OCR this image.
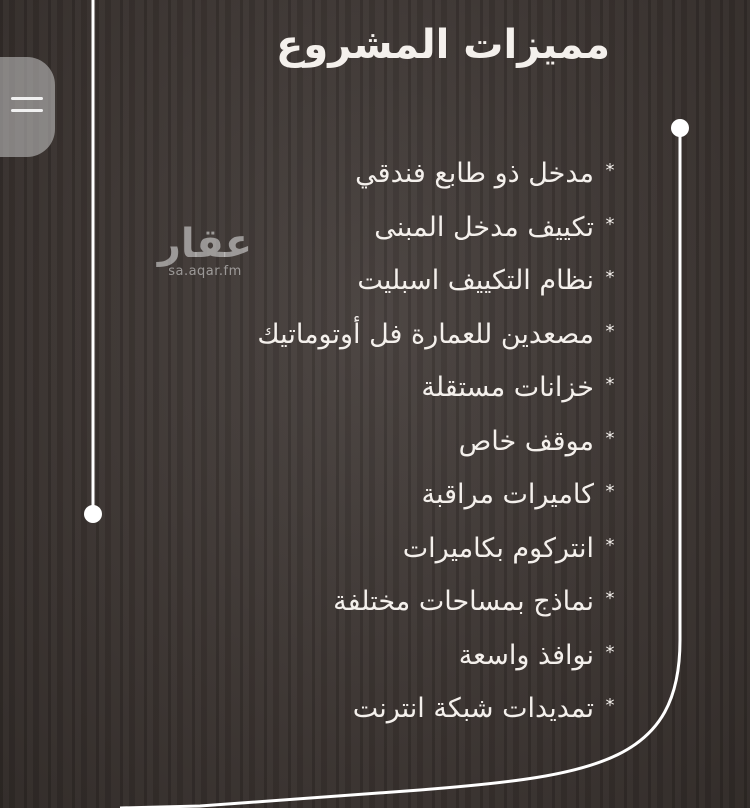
مميزات المشروع
عقار
sa.aqar.fm
*
مدخل ذو طابع فندقي
*
تكييف مدخل المبنى
*
نظام التكييف اسبليت
*
مصعدين للعمارة فل أوتوماتيك
*
خزانات مستقلة
*
موقف خاص
*
كاميرات مراقبة
*
انتركوم بكاميرات
*
نماذج بمساحات مختلفة
*
نوافذ واسعة
*
تمديدات شبكة انترنت
